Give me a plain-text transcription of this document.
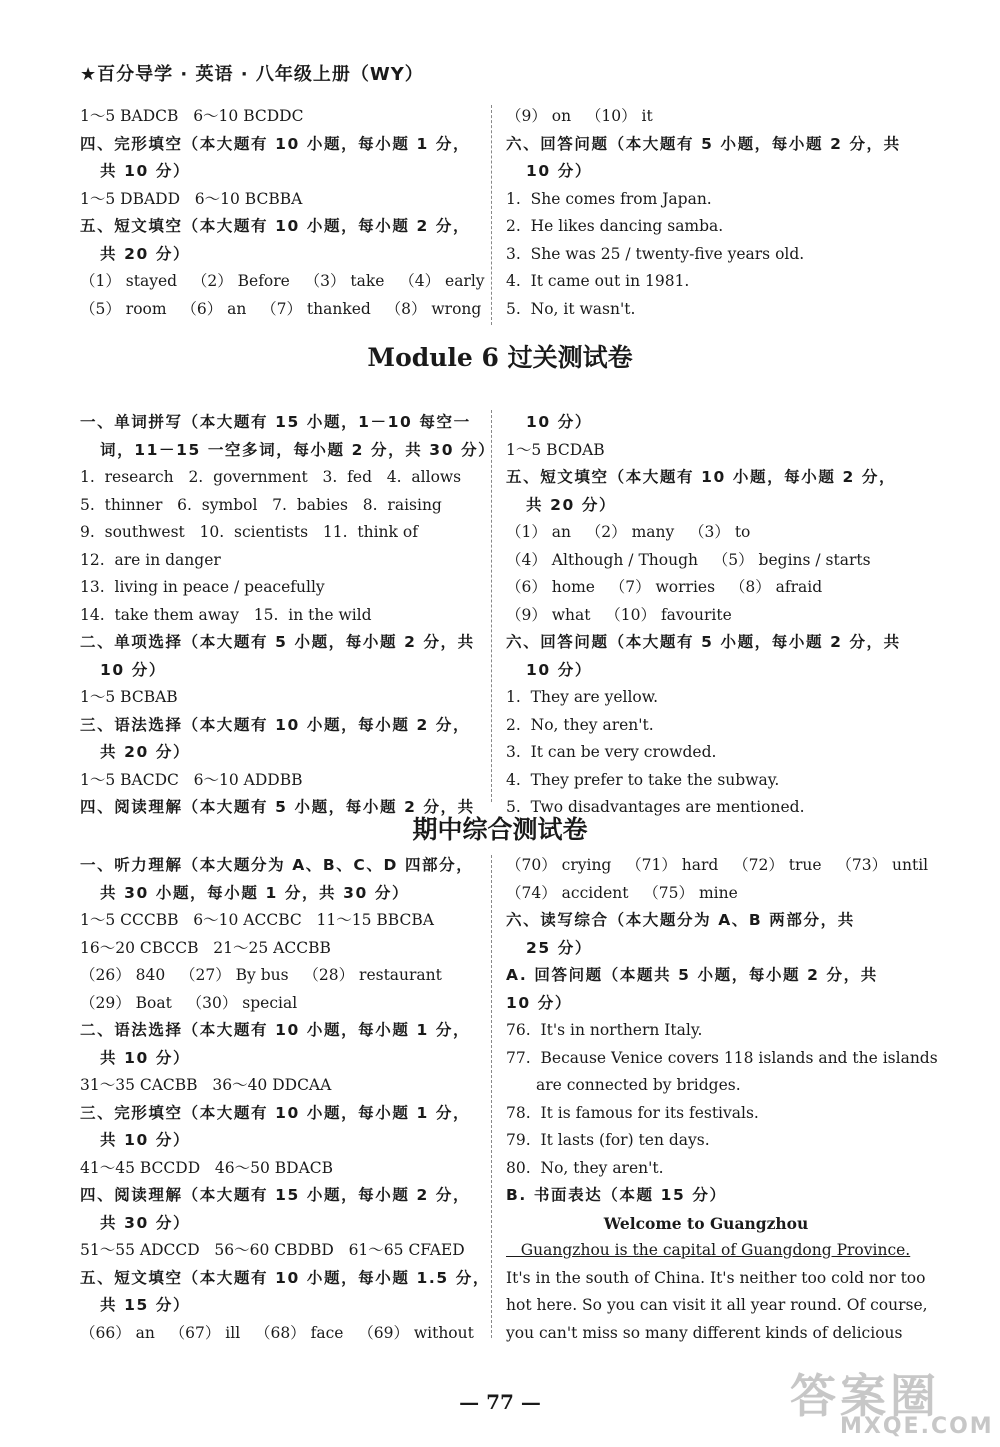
★百分导学 · 英语 · 八年级上册（WY）
1～5 BADCB   6～10 BCDDC
四、完形填空（本大题有 10 小题，每小题 1 分，
共 10 分）
1～5 DBADD   6～10 BCBBA
五、短文填空（本大题有 10 小题，每小题 2 分，
共 20 分）
（1） stayed   （2） Before   （3） take   （4） early
（5） room   （6） an   （7） thanked   （8） wrong
（9） on   （10） it
六、回答问题（本大题有 5 小题，每小题 2 分，共
10 分）
1.  She comes from Japan.
2.  He likes dancing samba.
3.  She was 25 / twenty-five years old.
4.  It came out in 1981.
5.  No, it wasn't.
Module 6 过关测试卷
一、单词拼写（本大题有 15 小题，1－10 每空一
词，11－15 一空多词，每小题 2 分，共 30 分）
1.  research   2.  government   3.  fed   4.  allows
5.  thinner   6.  symbol   7.  babies   8.  raising
9.  southwest   10.  scientists   11.  think of
12.  are in danger
13.  living in peace / peacefully
14.  take them away   15.  in the wild
二、单项选择（本大题有 5 小题，每小题 2 分，共
10 分）
1～5 BCBAB
三、语法选择（本大题有 10 小题，每小题 2 分，
共 20 分）
1～5 BACDC   6～10 ADDBB
四、阅读理解（本大题有 5 小题，每小题 2 分，共
10 分）
1～5 BCDAB
五、短文填空（本大题有 10 小题，每小题 2 分，
共 20 分）
（1） an   （2） many   （3） to
（4） Although / Though   （5） begins / starts
（6） home   （7） worries   （8） afraid
（9） what   （10） favourite
六、回答问题（本大题有 5 小题，每小题 2 分，共
10 分）
1.  They are yellow.
2.  No, they aren't.
3.  It can be very crowded.
4.  They prefer to take the subway.
5.  Two disadvantages are mentioned.
期中综合测试卷
一、听力理解（本大题分为 A、B、C、D 四部分，
共 30 小题，每小题 1 分，共 30 分）
1～5 CCCBB   6～10 ACCBC   11～15 BBCBA
16～20 CBCCB   21～25 ACCBB
（26） 840   （27） By bus   （28） restaurant
（29） Boat   （30） special
二、语法选择（本大题有 10 小题，每小题 1 分，
共 10 分）
31～35 CACBB   36～40 DDCAA
三、完形填空（本大题有 10 小题，每小题 1 分，
共 10 分）
41～45 BCCDD   46～50 BDACB
四、阅读理解（本大题有 15 小题，每小题 2 分，
共 30 分）
51～55 ADCCD   56～60 CBDBD   61～65 CFAED
五、短文填空（本大题有 10 小题，每小题 1.5 分，
共 15 分）
（66） an   （67） ill   （68） face   （69） without
（70） crying   （71） hard   （72） true   （73） until
（74） accident   （75） mine
六、读写综合（本大题分为 A、B 两部分，共
25 分）
A. 回答问题（本题共 5 小题，每小题 2 分，共
10 分）
76.  It's in northern Italy.
77.  Because Venice covers 118 islands and the islands
are connected by bridges.
78.  It is famous for its festivals.
79.  It lasts (for) ten days.
80.  No, they aren't.
B. 书面表达（本题 15 分）
Welcome to Guangzhou
Guangzhou is the capital of Guangdong Province.
It's in the south of China. It's neither too cold nor too
hot here. So you can visit it all year round. Of course,
you can't miss so many different kinds of delicious
— 77 —	答案圈
MXQE.COM
